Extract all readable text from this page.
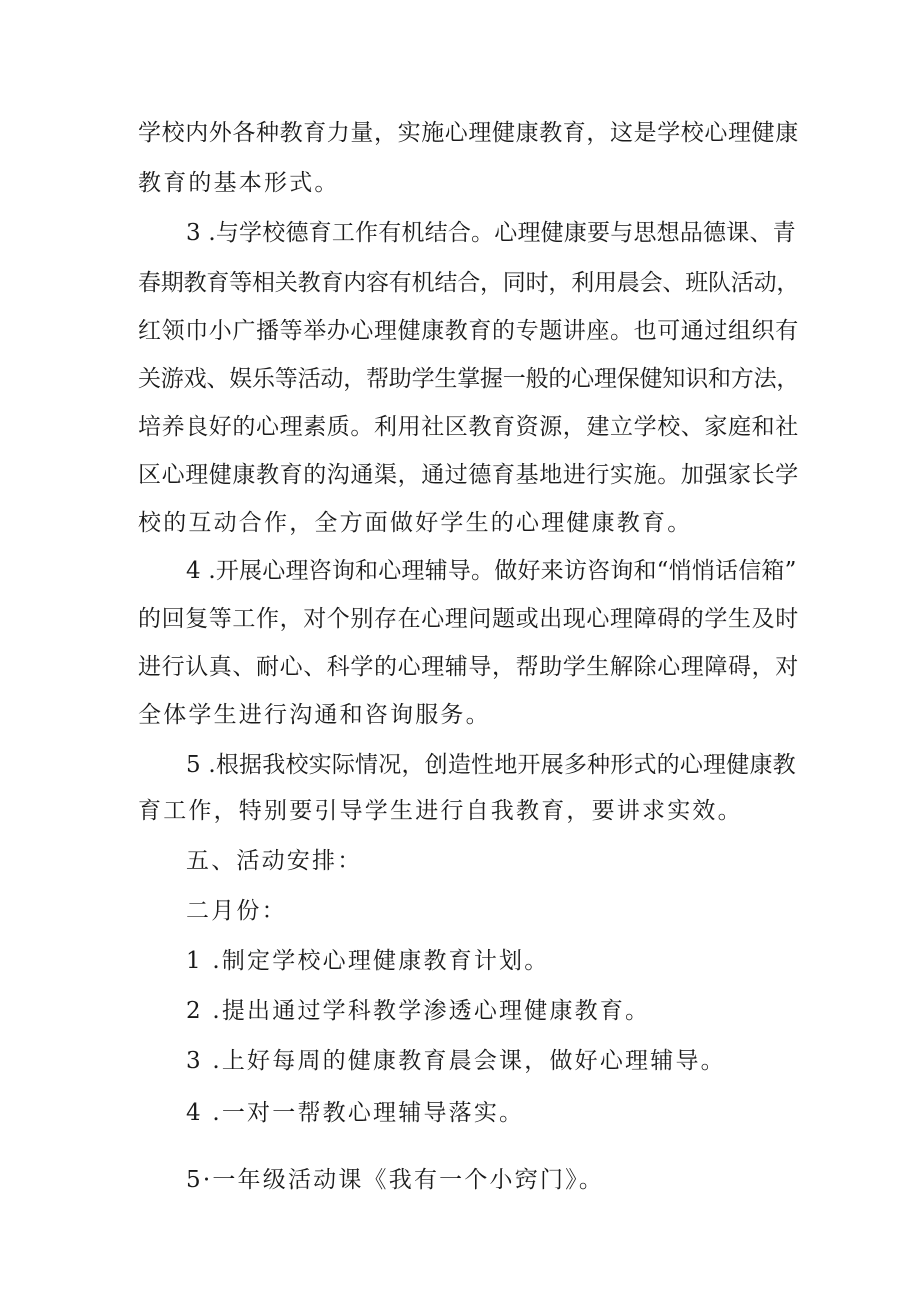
学校内外各种教育力量，实施心理健康教育，这是学校心理健康
教育的基本形式。
3 .与学校德育工作有机结合。心理健康要与思想品德课、青
春期教育等相关教育内容有机结合，同时，利用晨会、班队活动，
红领巾小广播等举办心理健康教育的专题讲座。也可通过组织有
关游戏、娱乐等活动，帮助学生掌握一般的心理保健知识和方法，
培养良好的心理素质。利用社区教育资源，建立学校、家庭和社
区心理健康教育的沟通渠，通过德育基地进行实施。加强家长学
校的互动合作，全方面做好学生的心理健康教育。
4 .开展心理咨询和心理辅导。做好来访咨询和“悄悄话信箱”
的回复等工作，对个别存在心理问题或出现心理障碍的学生及时
进行认真、耐心、科学的心理辅导，帮助学生解除心理障碍，对
全体学生进行沟通和咨询服务。
5 .根据我校实际情况，创造性地开展多种形式的心理健康教
育工作，特别要引导学生进行自我教育，要讲求实效。
五、活动安排：
二月份：
1 .制定学校心理健康教育计划。
2 .提出通过学科教学渗透心理健康教育。
3 .上好每周的健康教育晨会课，做好心理辅导。
4 .一对一帮教心理辅导落实。
5·一年级活动课《我有一个小窍门》。
